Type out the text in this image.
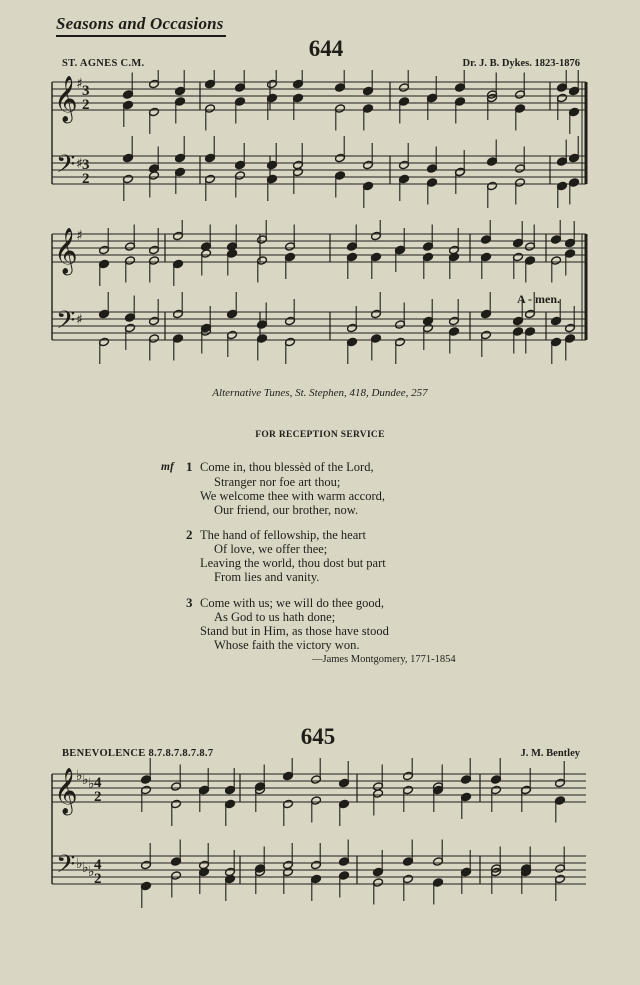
Seasons and Occasions
644
ST. AGNES C.M.	Dr. J. B. Dykes. 1823-1876
𝄞
𝄢
♯
♯
3
2
3
2
𝄞
𝄢
♯
♯
A - men.
Alternative Tunes, St. Stephen, 418, Dundee, 257
FOR RECEPTION SERVICE
mf 1 Come in, thou blessèd of the Lord,
Stranger nor foe art thou;
We welcome thee with warm accord,
Our friend, our brother, now.
2 The hand of fellowship, the heart
Of love, we offer thee;
Leaving the world, thou dost but part
From lies and vanity.
3 Come with us; we will do thee good,
As God to us hath done;
Stand but in Him, as those have stood
Whose faith the victory won.
—James Montgomery, 1771-1854
645
BENEVOLENCE 8.7.8.7.8.7.8.7	J. M. Bentley
𝄞
𝄢
♭ ♭ ♭
♭ ♭ ♭
4
2
4
2
